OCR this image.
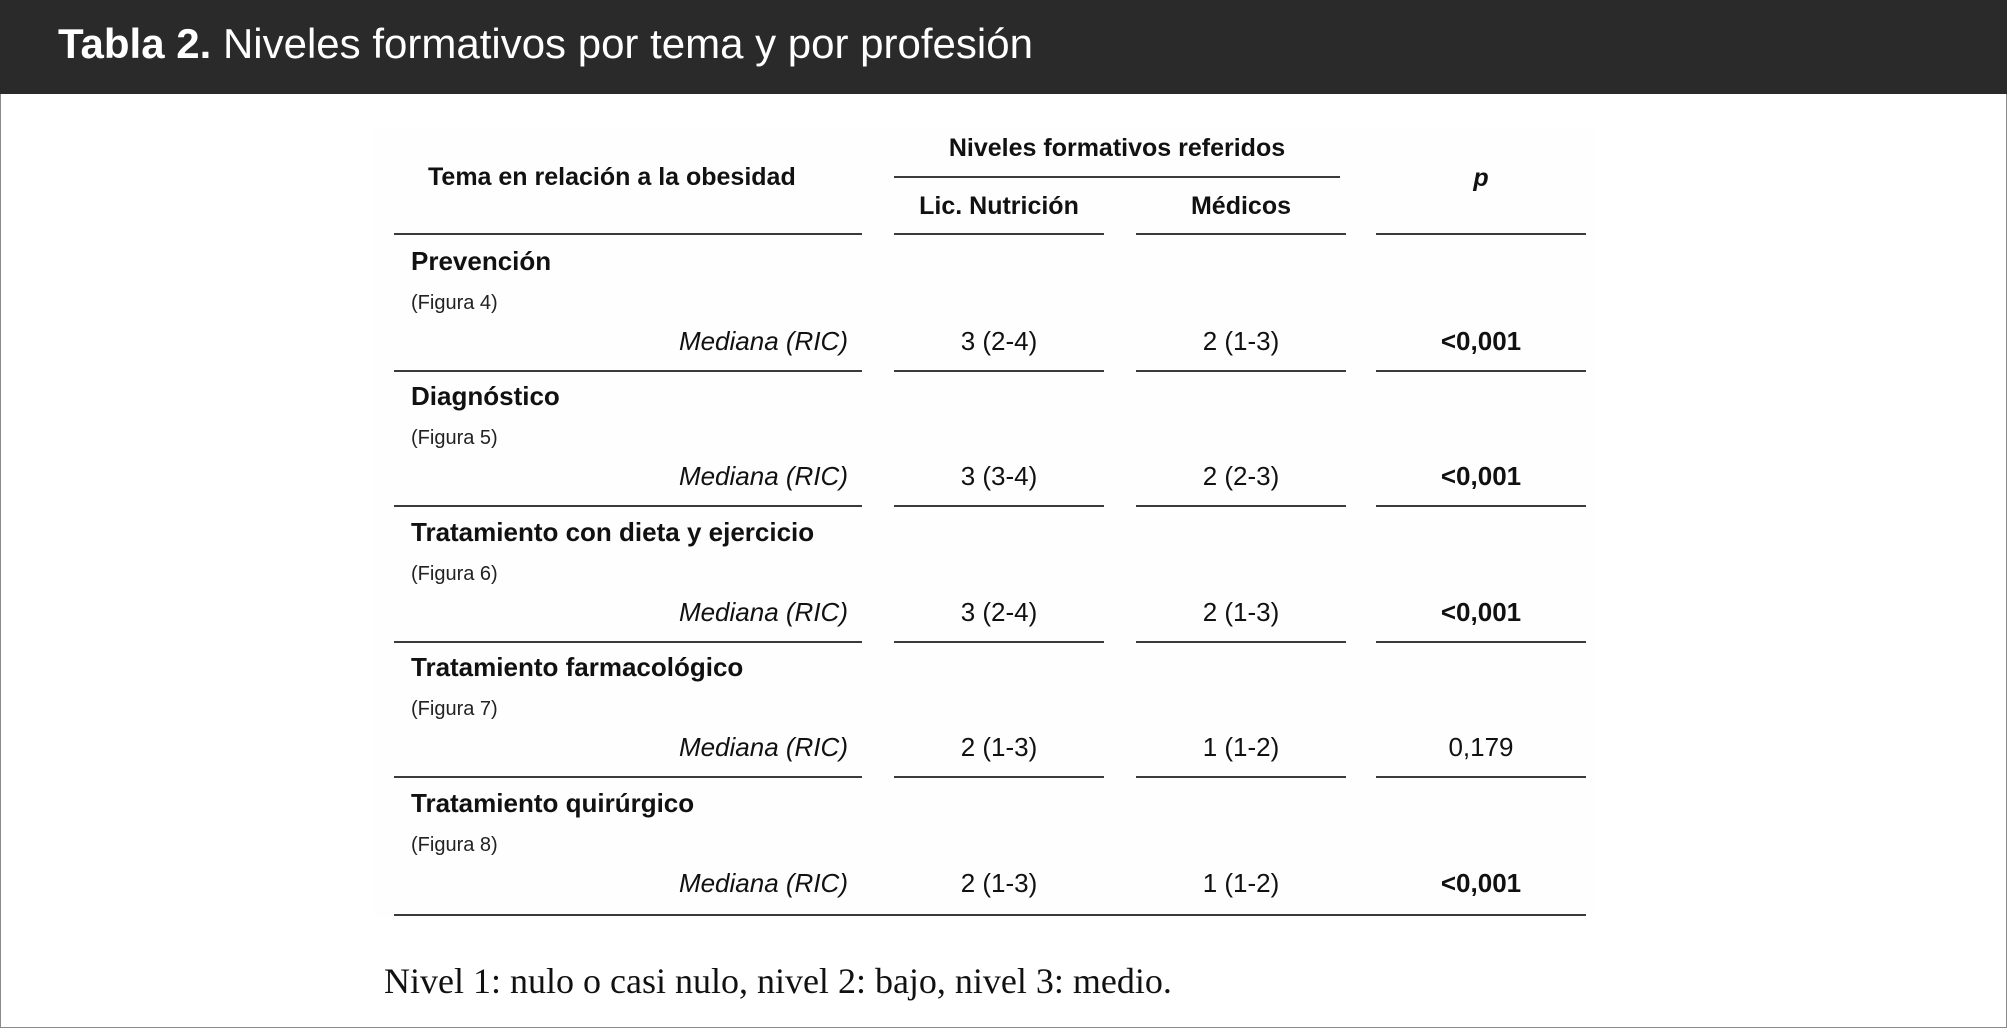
Tabla 2. Niveles formativos por tema y por profesión
Tema en relación a la obesidad
Niveles formativos referidos
Lic. Nutrición	Médicos
p
Prevención
(Figura 4)
Mediana (RIC)	3 (2-4)	2 (1-3)	<0,001
Diagnóstico
(Figura 5)
Mediana (RIC)	3 (3-4)	2 (2-3)	<0,001
Tratamiento con dieta y ejercicio
(Figura 6)
Mediana (RIC)	3 (2-4)	2 (1-3)	<0,001
Tratamiento farmacológico
(Figura 7)
Mediana (RIC)	2 (1-3)	1 (1-2)	0,179
Tratamiento quirúrgico
(Figura 8)
Mediana (RIC)	2 (1-3)	1 (1-2)	<0,001
Nivel 1: nulo o casi nulo, nivel 2: bajo, nivel 3: medio.
